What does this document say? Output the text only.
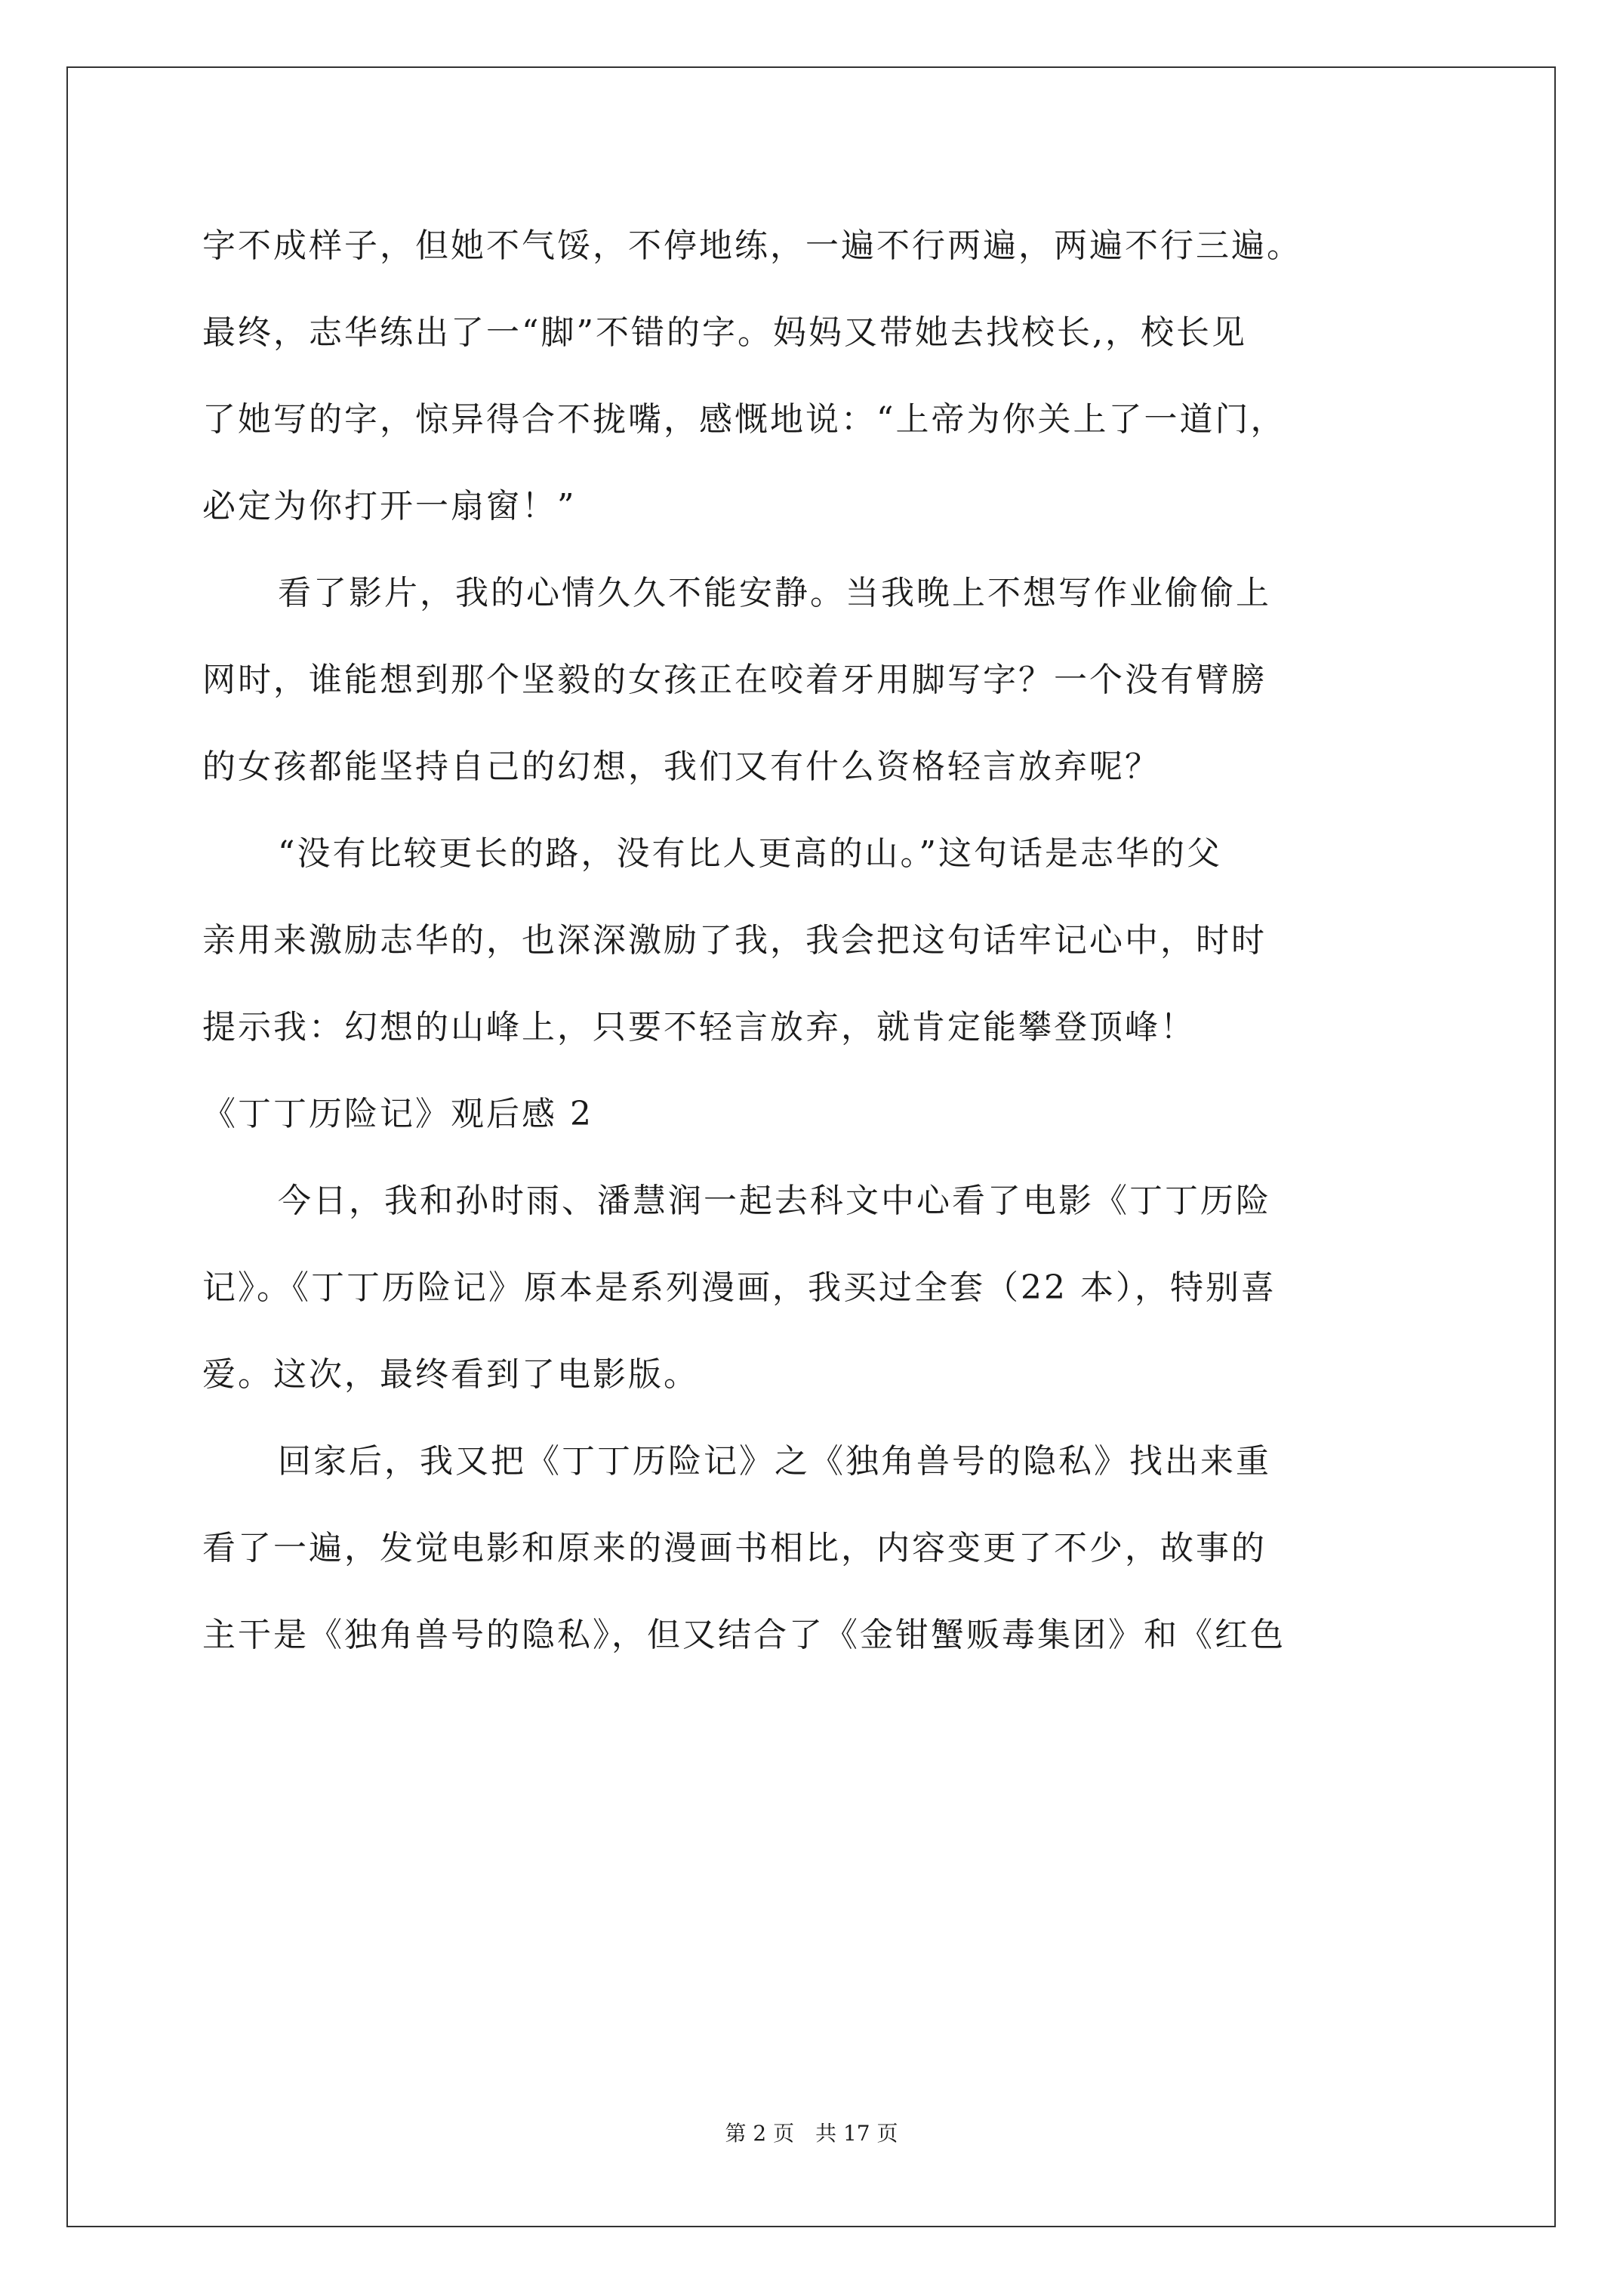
字不成样子，但她不气馁，不停地练，一遍不行两遍，两遍不行三遍。
最终，志华练出了一“脚”不错的字。妈妈又带她去找校长,，校长见
了她写的字，惊异得合不拢嘴，感慨地说：“上帝为你关上了一道门，
必定为你打开一扇窗！”
看了影片，我的心情久久不能安静。当我晚上不想写作业偷偷上
网时，谁能想到那个坚毅的女孩正在咬着牙用脚写字？一个没有臂膀
的女孩都能坚持自己的幻想，我们又有什么资格轻言放弃呢？
“没有比较更长的路，没有比人更高的山。”这句话是志华的父
亲用来激励志华的，也深深激励了我，我会把这句话牢记心中，时时
提示我：幻想的山峰上，只要不轻言放弃，就肯定能攀登顶峰！
《丁丁历险记》观后感 2
今日，我和孙时雨、潘慧润一起去科文中心看了电影《丁丁历险
记》。《丁丁历险记》原本是系列漫画，我买过全套（22 本），特别喜
爱。这次，最终看到了电影版。
回家后，我又把《丁丁历险记》之《独角兽号的隐私》找出来重
看了一遍，发觉电影和原来的漫画书相比，内容变更了不少，故事的
主干是《独角兽号的隐私》，但又结合了《金钳蟹贩毒集团》和《红色
第 2 页　共 17 页
